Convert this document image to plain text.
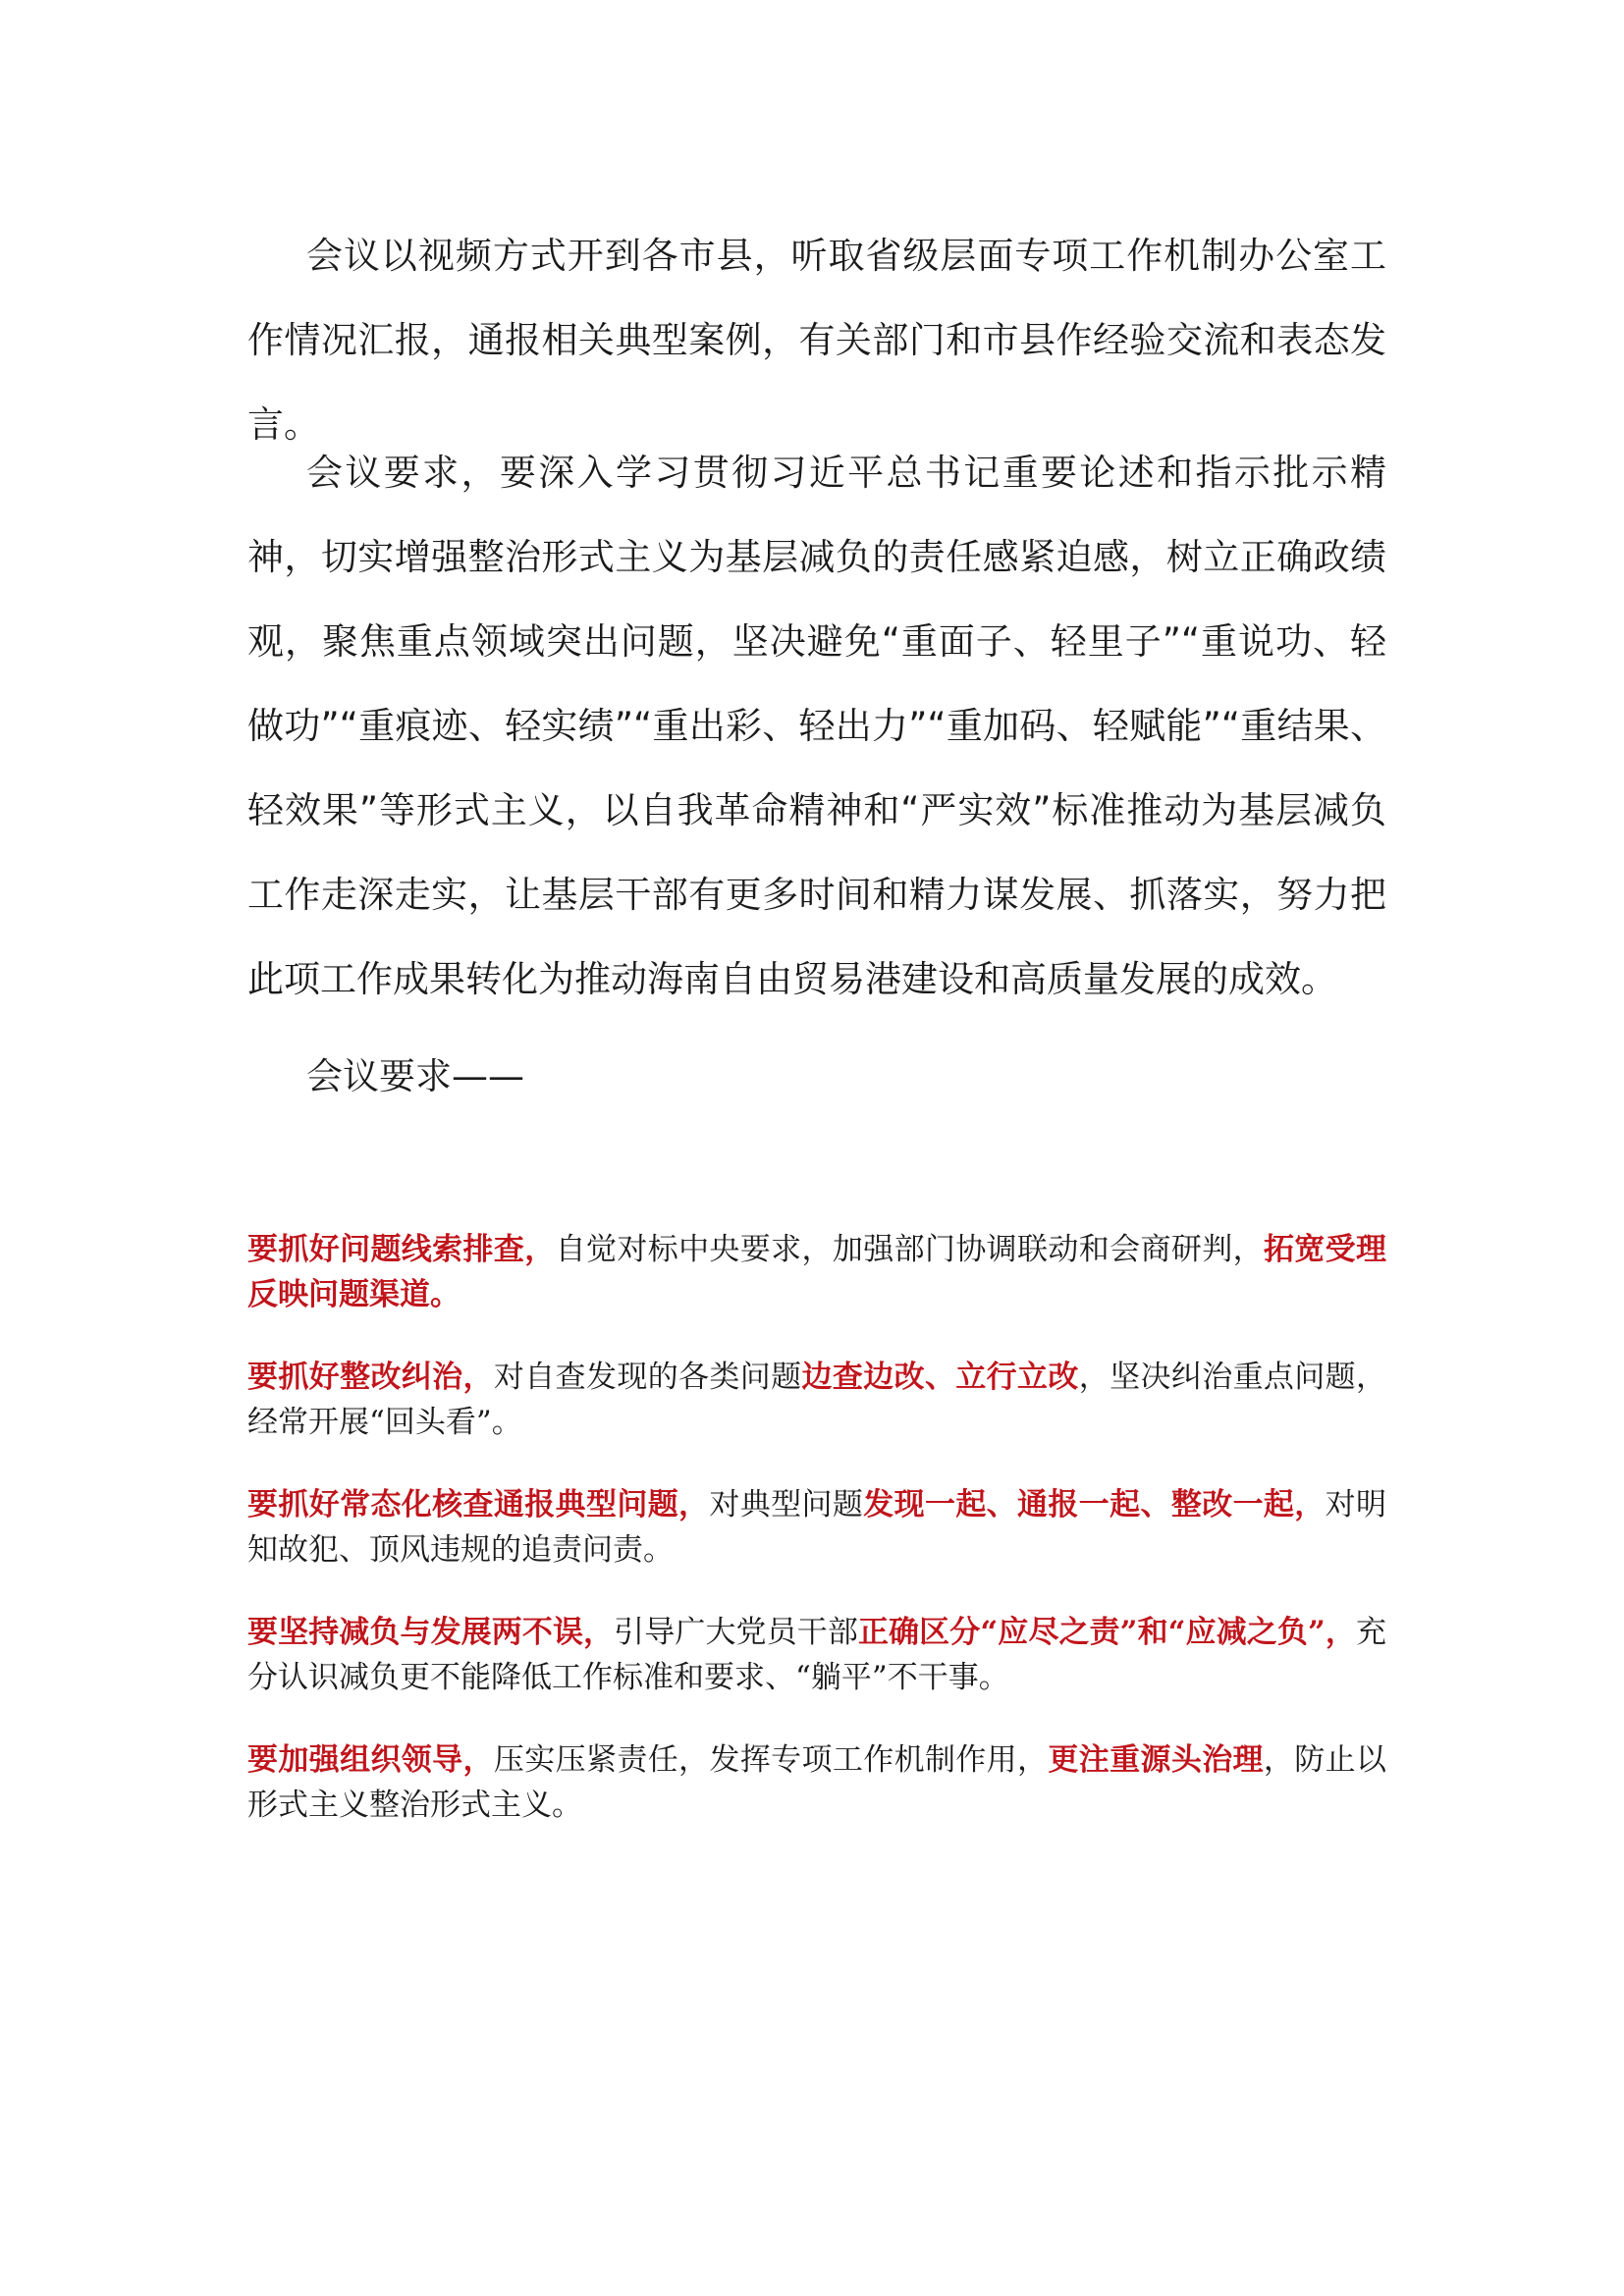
会议以视频方式开到各市县，听取省级层面专项工作机制办公室工作情况汇报，通报相关典型案例，有关部门和市县作经验交流和表态发言。

会议要求，要深入学习贯彻习近平总书记重要论述和指示批示精神，切实增强整治形式主义为基层减负的责任感紧迫感，树立正确政绩观，聚焦重点领域突出问题，坚决避免“重面子、轻里子”“重说功、轻做功”“重痕迹、轻实绩”“重出彩、轻出力”“重加码、轻赋能”“重结果、轻效果”等形式主义，以自我革命精神和“严实效”标准推动为基层减负工作走深走实，让基层干部有更多时间和精力谋发展、抓落实，努力把此项工作成果转化为推动海南自由贸易港建设和高质量发展的成效。

会议要求——

要抓好问题线索排查，自觉对标中央要求，加强部门协调联动和会商研判，拓宽受理反映问题渠道。

要抓好整改纠治，对自查发现的各类问题边查边改、立行立改，坚决纠治重点问题，经常开展“回头看”。

要抓好常态化核查通报典型问题，对典型问题发现一起、通报一起、整改一起，对明知故犯、顶风违规的追责问责。

要坚持减负与发展两不误，引导广大党员干部正确区分“应尽之责”和“应减之负”，充分认识减负更不能降低工作标准和要求、“躺平”不干事。

要加强组织领导，压实压紧责任，发挥专项工作机制作用，更注重源头治理，防止以形式主义整治形式主义。
